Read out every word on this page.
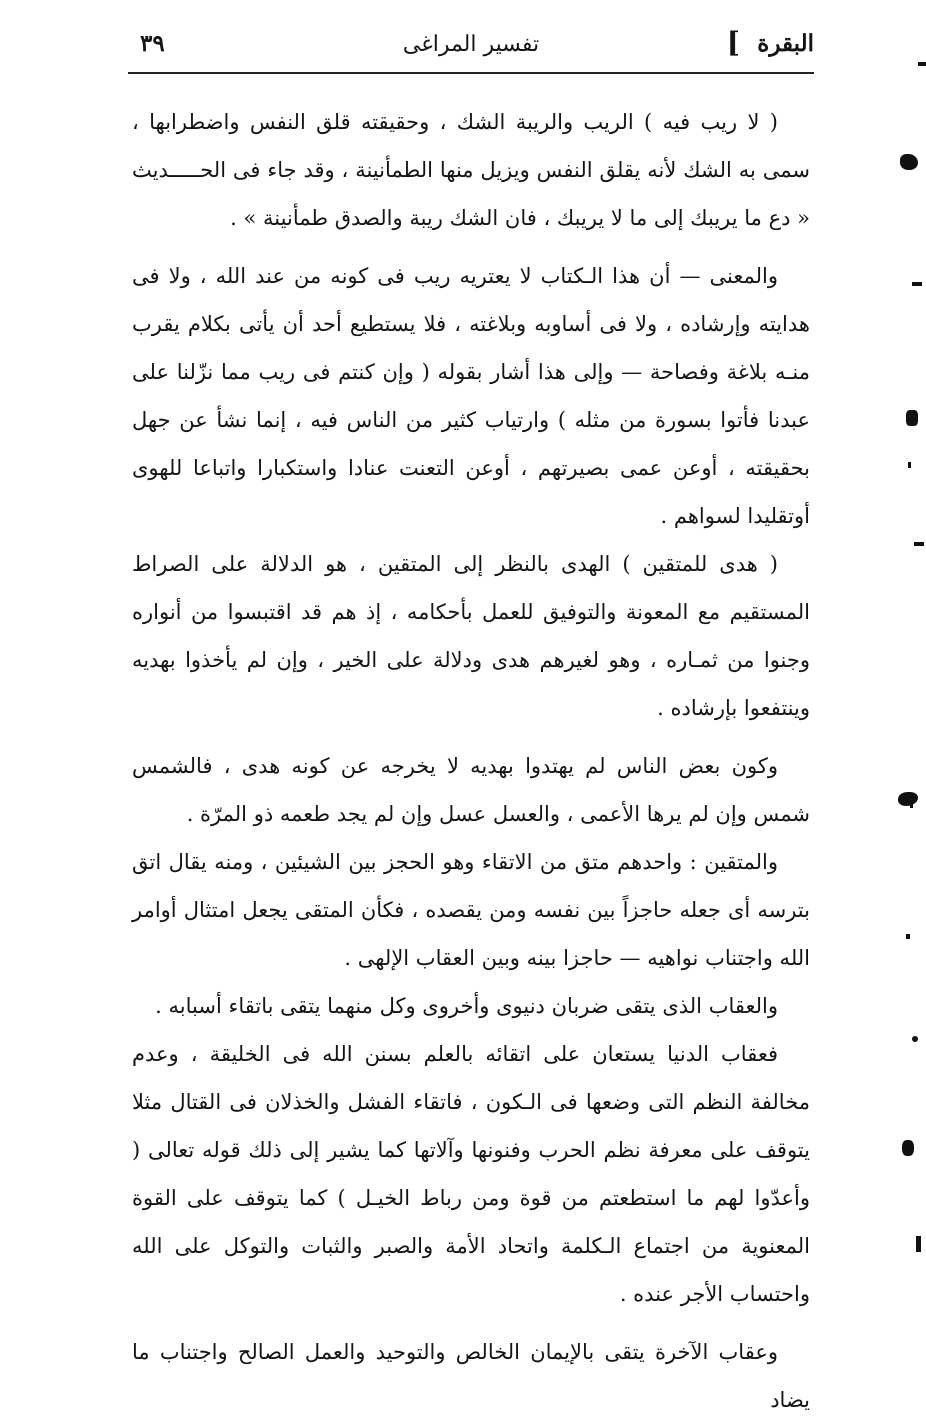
البقرة
]
تفسير المراغى
٣٩

( لا ريب فيه ) الريب والريبة الشك ، وحقيقته قلق النفس واضطرابها ، سمى به الشك لأنه يقلق النفس ويزيل منها الطمأنينة ، وقد جاء فى الحـــــديث « دع ما يريبك إلى ما لا يريبك ، فان الشك ريبة والصدق طمأنينة » .

والمعنى — أن هذا الـكتاب لا يعتريه ريب فى كونه من عند الله ، ولا فى هدايته وإرشاده ، ولا فى أساوبه وبلاغته ، فلا يستطيع أحد أن يأتى بكلام يقرب منـه بلاغة وفصاحة — وإلى هذا أشار بقوله ( وإن كنتم فى ريب مما نزّلنا على عبدنا فأتوا بسورة من مثله ) وارتياب كثير من الناس فيه ، إنما نشأ عن جهل بحقيقته ، أوعن عمى بصيرتهم ، أوعن التعنت عنادا واستكبارا واتباعا للهوى أوتقليدا لسواهم .

( هدى للمتقين ) الهدى بالنظر إلى المتقين ، هو الدلالة على الصراط المستقيم مع المعونة والتوفيق للعمل بأحكامه ، إذ هم قد اقتبسوا من أنواره وجنوا من ثمـاره ، وهو لغيرهم هدى ودلالة على الخير ، وإن لم يأخذوا بهديه وينتفعوا بإرشاده .

وكون بعض الناس لم يهتدوا بهديه لا يخرجه عن كونه هدى ، فالشمس شمس وإن لم يرها الأعمى ، والعسل عسل وإن لم يجد طعمه ذو المرّة .

والمتقين : واحدهم متق من الاتقاء وهو الحجز بين الشيئين ، ومنه يقال اتق بترسه أى جعله حاجزاً بين نفسه ومن يقصده ، فكأن المتقى يجعل امتثال أوامر الله واجتناب نواهيه — حاجزا بينه وبين العقاب الإلهى .

والعقاب الذى يتقى ضربان دنيوى وأخروى وكل منهما يتقى باتقاء أسبابه .

فعقاب الدنيا يستعان على اتقائه بالعلم بسنن الله فى الخليقة ، وعدم مخالفة النظم التى وضعها فى الـكون ، فاتقاء الفشل والخذلان فى القتال مثلا يتوقف على معرفة نظم الحرب وفنونها وآلاتها كما يشير إلى ذلك قوله تعالى ( وأعدّوا لهم ما استطعتم من قوة ومن رباط الخيـل ) كما يتوقف على القوة المعنوية من اجتماع الـكلمة واتحاد الأمة والصبر والثبات والتوكل على الله واحتساب الأجر عنده .

وعقاب الآخرة يتقى بالإيمان الخالص والتوحيد والعمل الصالح واجتناب ما يضاد
